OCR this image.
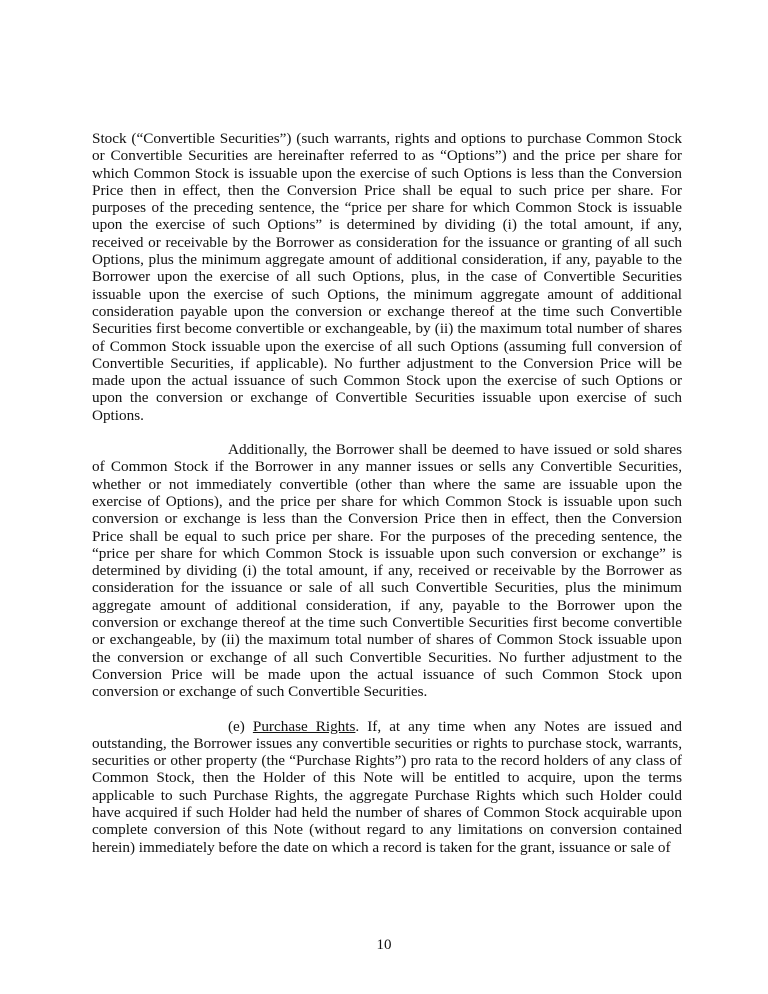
Stock (“Convertible Securities”) (such warrants, rights and options to purchase Common Stock or Convertible Securities are hereinafter referred to as “Options”) and the price per share for which Common Stock is issuable upon the exercise of such Options is less than the Conversion Price then in effect, then the Conversion Price shall be equal to such price per share. For purposes of the preceding sentence, the “price per share for which Common Stock is issuable upon the exercise of such Options” is determined by dividing (i) the total amount, if any, received or receivable by the Borrower as consideration for the issuance or granting of all such Options, plus the minimum aggregate amount of additional consideration, if any, payable to the Borrower upon the exercise of all such Options, plus, in the case of Convertible Securities issuable upon the exercise of such Options, the minimum aggregate amount of additional consideration payable upon the conversion or exchange thereof at the time such Convertible Securities first become convertible or exchangeable, by (ii) the maximum total number of shares of Common Stock issuable upon the exercise of all such Options (assuming full conversion of Convertible Securities, if applicable). No further adjustment to the Conversion Price will be made upon the actual issuance of such Common Stock upon the exercise of such Options or upon the conversion or exchange of Convertible Securities issuable upon exercise of such Options.

Additionally, the Borrower shall be deemed to have issued or sold shares of Common Stock if the Borrower in any manner issues or sells any Convertible Securities, whether or not immediately convertible (other than where the same are issuable upon the exercise of Options), and the price per share for which Common Stock is issuable upon such conversion or exchange is less than the Conversion Price then in effect, then the Conversion Price shall be equal to such price per share. For the purposes of the preceding sentence, the “price per share for which Common Stock is issuable upon such conversion or exchange” is determined by dividing (i) the total amount, if any, received or receivable by the Borrower as consideration for the issuance or sale of all such Convertible Securities, plus the minimum aggregate amount of additional consideration, if any, payable to the Borrower upon the conversion or exchange thereof at the time such Convertible Securities first become convertible or exchangeable, by (ii) the maximum total number of shares of Common Stock issuable upon the conversion or exchange of all such Convertible Securities. No further adjustment to the Conversion Price will be made upon the actual issuance of such Common Stock upon conversion or exchange of such Convertible Securities.

(e) Purchase Rights. If, at any time when any Notes are issued and outstanding, the Borrower issues any convertible securities or rights to purchase stock, warrants, securities or other property (the “Purchase Rights”) pro rata to the record holders of any class of Common Stock, then the Holder of this Note will be entitled to acquire, upon the terms applicable to such Purchase Rights, the aggregate Purchase Rights which such Holder could have acquired if such Holder had held the number of shares of Common Stock acquirable upon complete conversion of this Note (without regard to any limitations on conversion contained herein) immediately before the date on which a record is taken for the grant, issuance or sale of

10
